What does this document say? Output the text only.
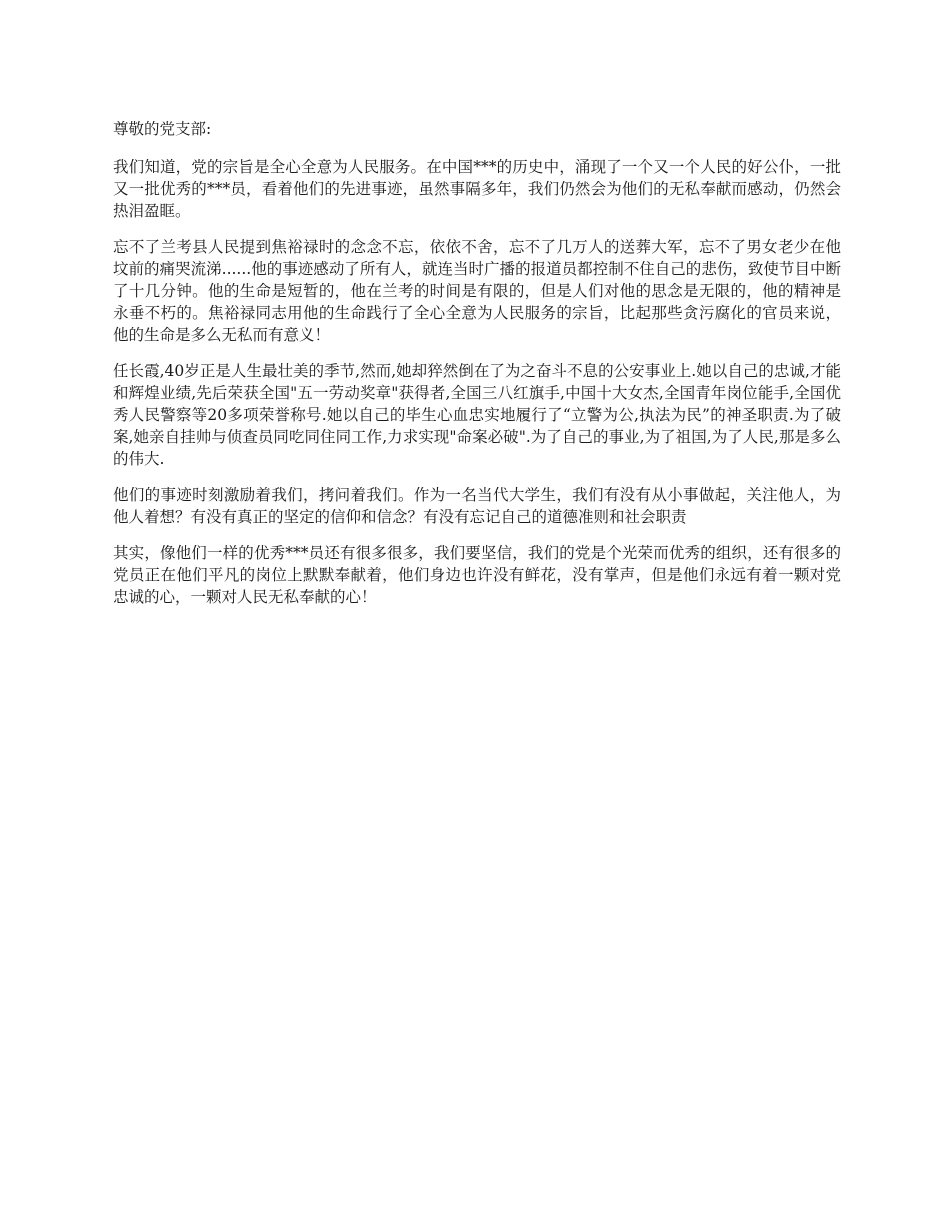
尊敬的党支部:

我们知道，党的宗旨是全心全意为人民服务。在中国***的历史中，涌现了一个又一个人民的好公仆，一批又一批优秀的***员，看着他们的先进事迹，虽然事隔多年，我们仍然会为他们的无私奉献而感动，仍然会热泪盈眶。

忘不了兰考县人民提到焦裕禄时的念念不忘，依依不舍，忘不了几万人的送葬大军，忘不了男女老少在他坟前的痛哭流涕......他的事迹感动了所有人，就连当时广播的报道员都控制不住自己的悲伤，致使节目中断了十几分钟。他的生命是短暂的，他在兰考的时间是有限的，但是人们对他的思念是无限的，他的精神是永垂不朽的。焦裕禄同志用他的生命践行了全心全意为人民服务的宗旨，比起那些贪污腐化的官员来说，他的生命是多么无私而有意义！

任长霞,40岁正是人生最壮美的季节,然而,她却猝然倒在了为之奋斗不息的公安事业上.她以自己的忠诚,才能和辉煌业绩,先后荣获全国"五一劳动奖章"获得者,全国三八红旗手,中国十大女杰,全国青年岗位能手,全国优秀人民警察等20多项荣誉称号.她以自己的毕生心血忠实地履行了“立警为公,执法为民”的神圣职责.为了破案,她亲自挂帅与侦查员同吃同住同工作,力求实现"命案必破".为了自己的事业,为了祖国,为了人民,那是多么的伟大.

他们的事迹时刻激励着我们，拷问着我们。作为一名当代大学生，我们有没有从小事做起，关注他人，为他人着想？有没有真正的坚定的信仰和信念？有没有忘记自己的道德准则和社会职责

其实，像他们一样的优秀***员还有很多很多，我们要坚信，我们的党是个光荣而优秀的组织，还有很多的党员正在他们平凡的岗位上默默奉献着，他们身边也许没有鲜花，没有掌声，但是他们永远有着一颗对党忠诚的心，一颗对人民无私奉献的心！
